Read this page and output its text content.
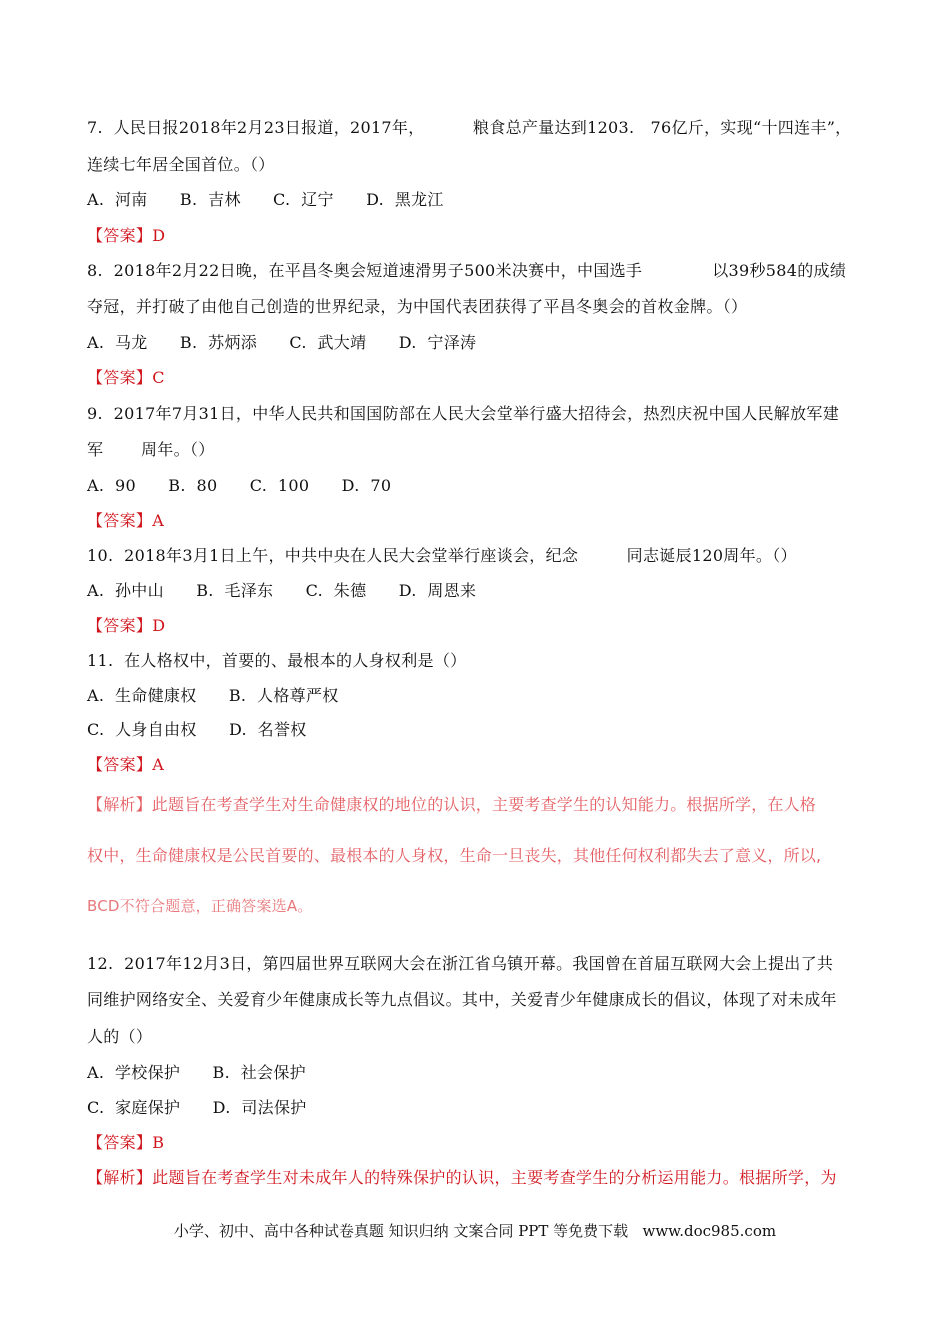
7.  人民日报2018年2月23日报道，2017年，         粮食总产量达到1203.   76亿斤，实现“十四连丰”，
连续七年居全国首位。（）
A.  河南      B.  吉林      C.  辽宁      D.  黑龙江
【答案】D
8.  2018年2月22日晚，在平昌冬奥会短道速滑男子500米决赛中，中国选手             以39秒584的成绩
夺冠，并打破了由他自己创造的世界纪录，为中国代表团获得了平昌冬奥会的首枚金牌。（）
A.  马龙      B.  苏炳添      C.  武大靖      D.  宁泽涛
【答案】C
9.  2017年7月31日，中华人民共和国国防部在人民大会堂举行盛大招待会，热烈庆祝中国人民解放军建
军       周年。（）
A.  90      B.  80      C.  100      D.  70
【答案】A
10.  2018年3月1日上午，中共中央在人民大会堂举行座谈会，纪念         同志诞辰120周年。（）
A.  孙中山      B.  毛泽东      C.  朱德      D.  周恩来
【答案】D
11.  在人格权中，首要的、最根本的人身权利是（）
A.  生命健康权      B.  人格尊严权
C.  人身自由权      D.  名誉权
【答案】A
【解析】此题旨在考查学生对生命健康权的地位的认识，主要考查学生的认知能力。根据所学，在人格
权中，生命健康权是公民首要的、最根本的人身权，生命一旦丧失，其他任何权利都失去了意义，所以,
BCD不符合题意，正确答案选A。
12.  2017年12月3日，第四届世界互联网大会在浙江省乌镇开幕。我国曾在首届互联网大会上提出了共
同维护网络安全、关爱育少年健康成长等九点倡议。其中，关爱青少年健康成长的倡议，体现了对未成年
人的（）
A.  学校保护      B.  社会保护
C.  家庭保护      D.  司法保护
【答案】B
【解析】此题旨在考查学生对未成年人的特殊保护的认识，主要考查学生的分析运用能力。根据所学，为
小学、初中、高中各种试卷真题 知识归纳 文案合同 PPT 等免费下载   www.doc985.com
